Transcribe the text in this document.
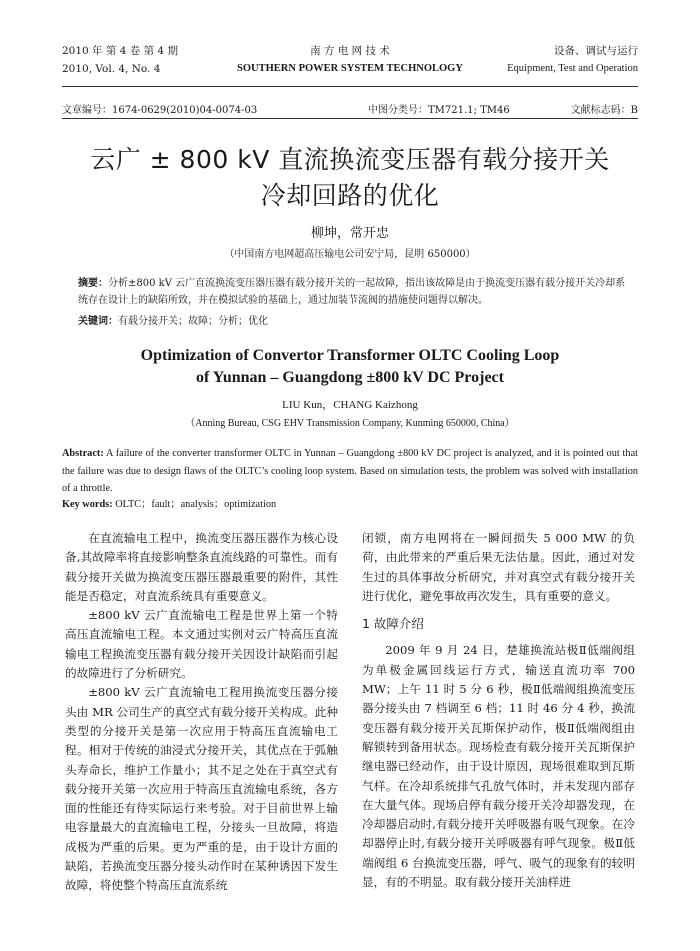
2010 年 第 4 卷 第 4 期
2010, Vol. 4, No. 4
南 方 电 网 技 术
SOUTHERN POWER SYSTEM TECHNOLOGY
设备、调试与运行
Equipment, Test and Operation
文章编号：1674-0629(2010)04-0074-03	中图分类号：TM721.1; TM46	文献标志码：B
云广 ± 800 kV 直流换流变压器有载分接开关
冷却回路的优化
柳坤，常开忠
（中国南方电网超高压输电公司安宁局，昆明 650000）
摘要：分析±800 kV 云广直流换流变压器压器有载分接开关的一起故障，指出该故障是由于换流变压器有载分接开关冷却系统存在设计上的缺陷所致，并在模拟试验的基础上，通过加装节流阀的措施使问题得以解决。
关键词：有载分接开关；故障；分析；优化
Optimization of Convertor Transformer OLTC Cooling Loop
of Yunnan – Guangdong ±800 kV DC Project
LIU Kun，CHANG Kaizhong
（Anning Bureau, CSG EHV Transmission Company, Kunming 650000, China）
Abstract: A failure of the converter transformer OLTC in Yunnan – Guangdong ±800 kV DC project is analyzed, and it is pointed out that the failure was due to design flaws of the OLTC’s cooling loop system. Based on simulation tests, the problem was solved with installation of a throttle.
Key words: OLTC；fault；analysis；optimization

在直流输电工程中，换流变压器压器作为核心设备,其故障率将直接影响整条直流线路的可靠性。而有载分接开关做为换流变压器压器最重要的附件，其性能是否稳定，对直流系统具有重要意义。

±800 kV 云广直流输电工程是世界上第一个特高压直流输电工程。本文通过实例对云广特高压直流输电工程换流变压器有载分接开关因设计缺陷而引起的故障进行了分析研究。

±800 kV 云广直流输电工程用换流变压器分接头由 MR 公司生产的真空式有载分接开关构成。此种类型的分接开关是第一次应用于特高压直流输电工程。相对于传统的油浸式分接开关，其优点在于弧触头寿命长，维护工作量小；其不足之处在于真空式有载分接开关第一次应用于特高压直流输电系统，各方面的性能还有待实际运行来考验。对于目前世界上输电容量最大的直流输电工程，分接头一旦故障，将造成极为严重的后果。更为严重的是，由于设计方面的缺陷，若换流变压器分接头动作时在某种诱因下发生故障，将使整个特高压直流系统

闭锁，南方电网将在一瞬间损失 5 000 MW 的负荷，由此带来的严重后果无法估量。因此，通过对发生过的具体事故分析研究，并对真空式有载分接开关进行优化，避免事故再次发生，具有重要的意义。

1 故障介绍

2009 年 9 月 24 日，楚雄换流站极Ⅱ低端阀组为单极金属回线运行方式，输送直流功率 700 MW；上午 11 时 5 分 6 秒，极Ⅱ低端阀组换流变压器分接头由 7 档调至 6 档；11 时 46 分 4 秒，换流变压器有载分接开关瓦斯保护动作，极Ⅱ低端阀组由解锁转到备用状态。现场检查有载分接开关瓦斯保护继电器已经动作，由于设计原因，现场很难取到瓦斯气样。在冷却系统排气孔放气体时，并未发现内部存在大量气体。现场启停有载分接开关冷却器发现，在冷却器启动时,有载分接开关呼吸器有吸气现象。在冷却器停止时,有载分接开关呼吸器有呼气现象。极Ⅱ低端阀组 6 台换流变压器，呼气、吸气的现象有的较明显，有的不明显。取有载分接开关油样进
